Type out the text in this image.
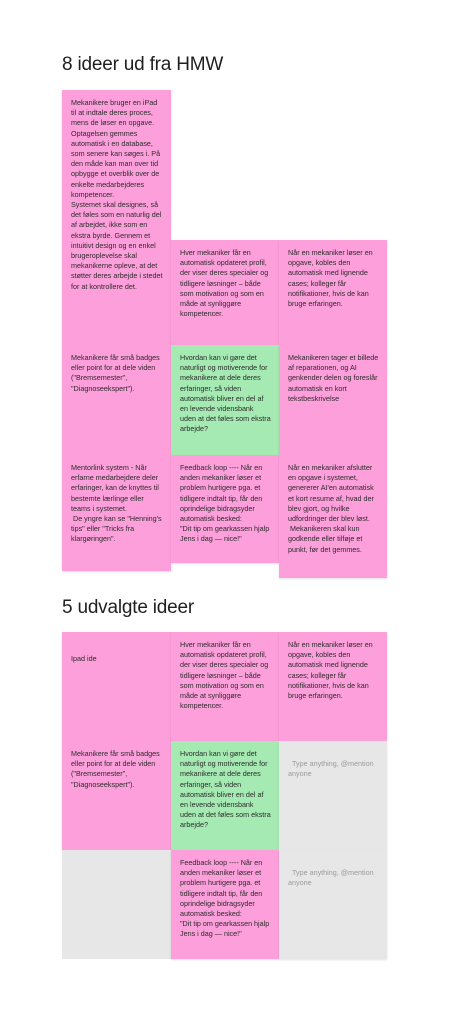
8 ideer ud fra HMW
Mekanikere bruger en iPad til at indtale deres proces, mens de løser en opgave. Optagelsen gemmes automatisk i en database, som senere kan søges i. På den måde kan man over tid opbygge et overblik over de enkelte medarbejderes kompetencer.
Systemet skal designes, så det føles som en naturlig del af arbejdet, ikke som en ekstra byrde. Gennem et intuitivt design og en enkel brugeroplevelse skal mekanikerne opleve, at det støtter deres arbejde i stedet for at kontrollere det.
Hver mekaniker får en automatisk opdateret profil, der viser deres specialer og tidligere løsninger – både som motivation og som en måde at synliggøre kompetencer.
Når en mekaniker løser en opgave, kobles den automatisk med lignende cases; kolleger får notifikationer, hvis de kan bruge erfaringen.
Mekanikere får små badges eller point for at dele viden ("Bremsemester", "Diagnoseekspert").
Hvordan kan vi gøre det naturligt og motiverende for mekanikere at dele deres erfaringer, så viden automatisk bliver en del af en levende vidensbank uden at det føles som ekstra arbejde?
Mekanikeren tager et billede af reparationen, og AI genkender delen og foreslår automatisk en kort tekstbeskrivelse
Mentorlink system - Når erfarne medarbejdere deler erfaringer, kan de knyttes til bestemte lærlinge eller teams i systemet.
De yngre kan se "Henning's tips" eller "Tricks fra klargøringen".
Feedback loop ---- Når en anden mekaniker løser et problem hurtigere pga. et tidligere indtalt tip, får den oprindelige bidragsyder automatisk besked:
"Dit tip om gearkassen hjalp Jens i dag — nice!"
Når en mekaniker afslutter en opgave i systemet, genererer AI'en automatisk et kort resume af, hvad der blev gjort, og hvilke udfordringer der blev løst.
Mekanikeren skal kun godkende eller tilføje et punkt, før det gemmes.
5 udvalgte ideer
Ipad ide
Hver mekaniker får en automatisk opdateret profil, der viser deres specialer og tidligere løsninger – både som motivation og som en måde at synliggøre kompetencer.
Når en mekaniker løser en opgave, kobles den automatisk med lignende cases; kolleger får notifikationer, hvis de kan bruge erfaringen.
Mekanikere får små badges eller point for at dele viden ("Bremsemester", "Diagnoseekspert").
Hvordan kan vi gøre det naturligt og motiverende for mekanikere at dele deres erfaringer, så viden automatisk bliver en del af en levende vidensbank uden at det føles som ekstra arbejde?

Type anything, @mention anyone

Feedback loop ---- Når en anden mekaniker løser et problem hurtigere pga. et tidligere indtalt tip, får den oprindelige bidragsyder automatisk besked:
"Dit tip om gearkassen hjalp Jens i dag — nice!"

Type anything, @mention anyone
